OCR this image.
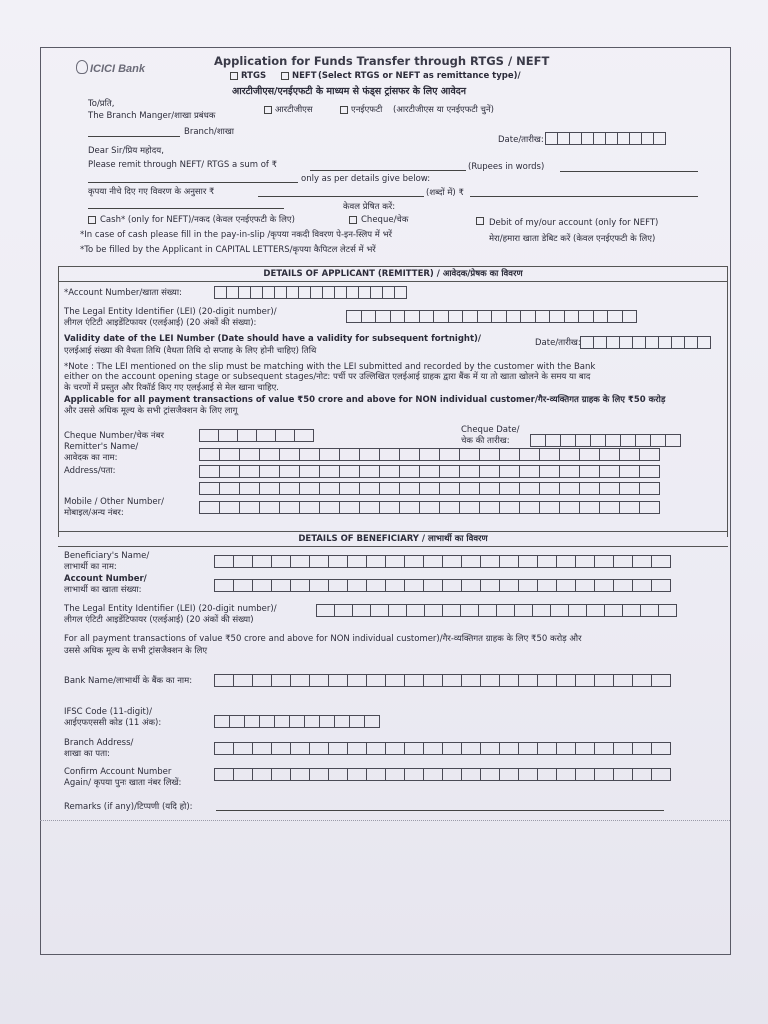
ICICI Bank
Application for Funds Transfer through RTGS / NEFT
RTGS	NEFT (Select RTGS or NEFT as remittance type)/
आरटीजीएस/एनईएफटी के माध्यम से फंड्स ट्रांसफर के लिए आवेदन
To/प्रति,
आरटीजीएस	एनईएफटी (आरटीजीएस या एनईएफटी चुनें)
The Branch Manger/शाखा प्रबंधक
Branch/शाखा
Date/तारीख:
Dear Sir/प्रिय महोदय,
Please remit through NEFT/ RTGS a sum of ₹	(Rupees in words)
only as per details give below:
कृपया नीचे दिए गए विवरण के अनुसार ₹	(शब्दों में) ₹
केवल प्रेषित करें:
Cash* (only for NEFT)/नकद (केवल एनईएफटी के लिए)	Cheque/चेक	Debit of my/our account (only for NEFT)
*In case of cash please fill in the pay-in-slip /कृपया नकदी विवरण पे-इन-स्लिप में भरें	मेरा/हमारा खाता डेबिट करें (केवल एनईएफटी के लिए)
*To be filled by the Applicant in CAPITAL LETTERS/कृपया कैपिटल लेटर्स में भरें
DETAILS OF APPLICANT (REMITTER) / आवेदक/प्रेषक का विवरण
*Account Number/खाता संख्या:
The Legal Entity Identifier (LEI) (20-digit number)/
लीगल एंटिटी आइडेंटिफायर (एलईआई) (20 अंकों की संख्या):
Validity date of the LEI Number (Date should have a validity for subsequent fortnight)/
एलईआई संख्या की वैधता तिथि (वैधता तिथि दो सप्ताह के लिए होनी चाहिए) तिथि
Date/तारीख:
*Note : The LEI mentioned on the slip must be matching with the LEI submitted and recorded by the customer with the Bank
either on the account opening stage or subsequent stages/नोट: पर्ची पर उल्लिखित एलईआई ग्राहक द्वारा बैंक में या तो खाता खोलने के समय या बाद
के चरणों में प्रस्तुत और रिकॉर्ड किए गए एलईआई से मेल खाना चाहिए.
Applicable for all payment transactions of value ₹50 crore and above for NON individual customer/गैर-व्यक्तिगत ग्राहक के लिए ₹50 करोड़
और उससे अधिक मूल्य के सभी ट्रांसजैक्शन के लिए लागू
Cheque Number/चेक नंबर
Cheque Date/
चेक की तारीख:
Remitter's Name/
आवेदक का नाम:
Address/पता:
Mobile / Other Number/
मोबाइल/अन्य नंबर:
DETAILS OF BENEFICIARY / लाभार्थी का विवरण
Beneficiary's Name/
लाभार्थी का नाम:
Account Number/
लाभार्थी का खाता संख्या:
The Legal Entity Identifier (LEI) (20-digit number)/
लीगल एंटिटी आइडेंटिफायर (एलईआई) (20 अंकों की संख्या)
For all payment transactions of value ₹50 crore and above for NON individual customer)/गैर-व्यक्तिगत ग्राहक के लिए ₹50 करोड़ और
उससे अधिक मूल्य के सभी ट्रांसजैक्शन के लिए
Bank Name/लाभार्थी के बैंक का नाम:
IFSC Code (11-digit)/
आईएफएससी कोड (11 अंक):
Branch Address/
शाखा का पता:
Confirm Account Number
Again/ कृपया पुनः खाता नंबर लिखें:
Remarks (if any)/टिप्पणी (यदि हो):
